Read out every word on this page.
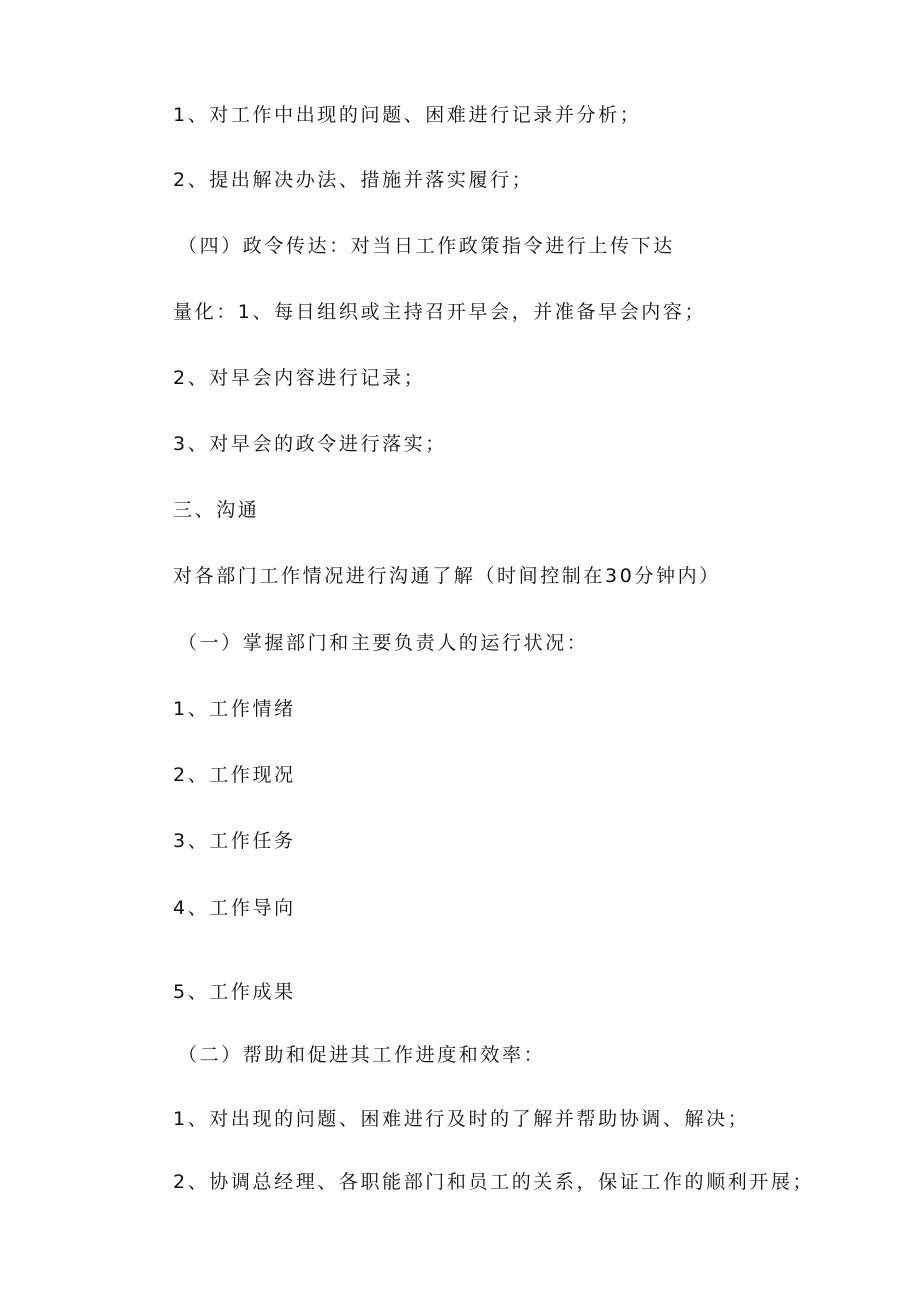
1、对工作中出现的问题、困难进行记录并分析；

2、提出解决办法、措施并落实履行；

（四）政令传达：对当日工作政策指令进行上传下达

量化：1、每日组织或主持召开早会，并准备早会内容；

2、对早会内容进行记录；

3、对早会的政令进行落实；

三、沟通

对各部门工作情况进行沟通了解（时间控制在30分钟内）

（一）掌握部门和主要负责人的运行状况：

1、工作情绪

2、工作现况

3、工作任务

4、工作导向

5、工作成果

（二）帮助和促进其工作进度和效率：

1、对出现的问题、困难进行及时的了解并帮助协调、解决；

2、协调总经理、各职能部门和员工的关系，保证工作的顺利开展；
